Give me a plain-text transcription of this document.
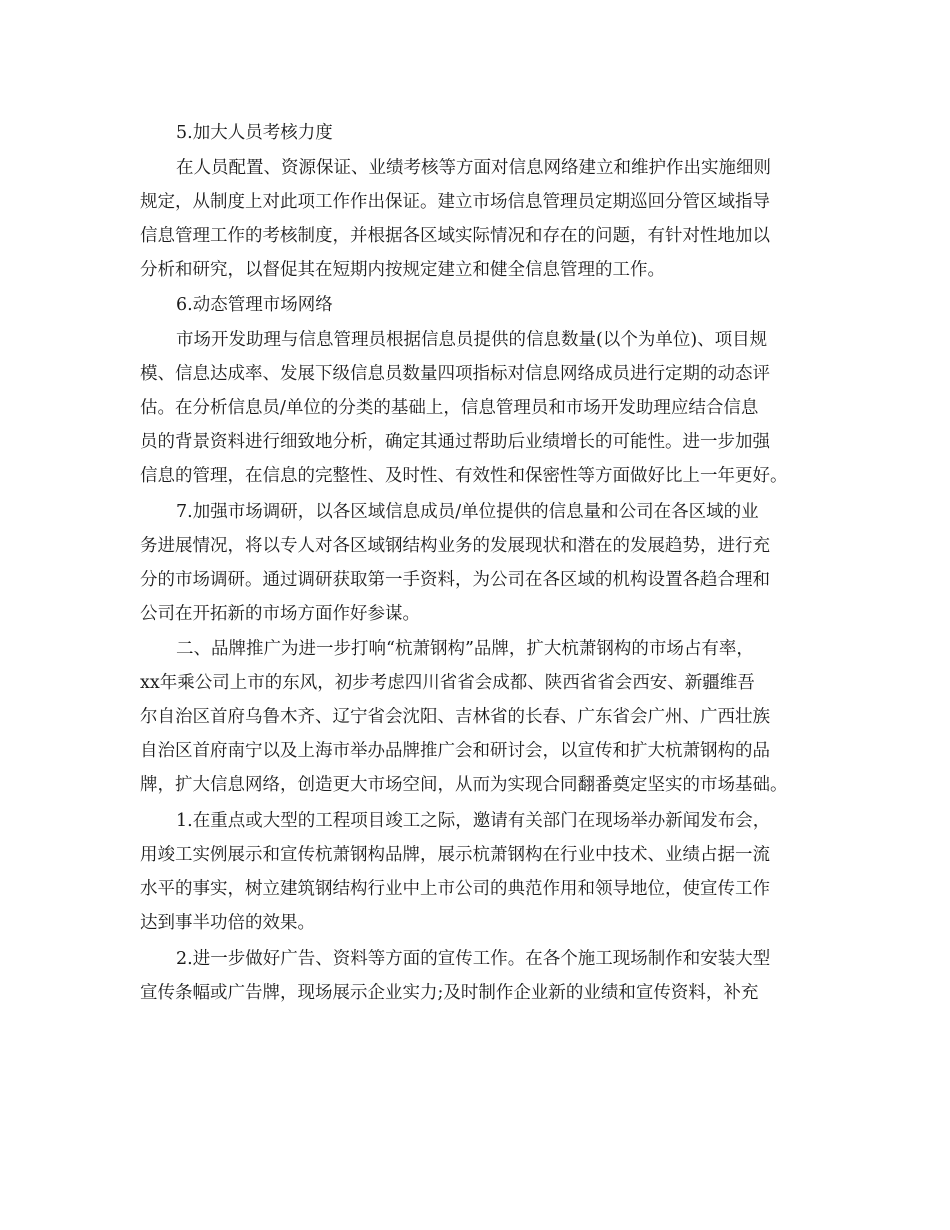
5.加大人员考核力度
在人员配置、资源保证、业绩考核等方面对信息网络建立和维护作出实施细则
规定，从制度上对此项工作作出保证。建立市场信息管理员定期巡回分管区域指导
信息管理工作的考核制度，并根据各区域实际情况和存在的问题，有针对性地加以
分析和研究，以督促其在短期内按规定建立和健全信息管理的工作。
6.动态管理市场网络
市场开发助理与信息管理员根据信息员提供的信息数量(以个为单位)、项目规
模、信息达成率、发展下级信息员数量四项指标对信息网络成员进行定期的动态评
估。在分析信息员/单位的分类的基础上，信息管理员和市场开发助理应结合信息
员的背景资料进行细致地分析，确定其通过帮助后业绩增长的可能性。进一步加强
信息的管理，在信息的完整性、及时性、有效性和保密性等方面做好比上一年更好。
7.加强市场调研，以各区域信息成员/单位提供的信息量和公司在各区域的业
务进展情况，将以专人对各区域钢结构业务的发展现状和潜在的发展趋势，进行充
分的市场调研。通过调研获取第一手资料，为公司在各区域的机构设置各趋合理和
公司在开拓新的市场方面作好参谋。
二、品牌推广为进一步打响“杭萧钢构”品牌，扩大杭萧钢构的市场占有率，
xx年乘公司上市的东风，初步考虑四川省省会成都、陕西省省会西安、新疆维吾
尔自治区首府乌鲁木齐、辽宁省会沈阳、吉林省的长春、广东省会广州、广西壮族
自治区首府南宁以及上海市举办品牌推广会和研讨会，以宣传和扩大杭萧钢构的品
牌，扩大信息网络，创造更大市场空间，从而为实现合同翻番奠定坚实的市场基础。
1.在重点或大型的工程项目竣工之际，邀请有关部门在现场举办新闻发布会，
用竣工实例展示和宣传杭萧钢构品牌，展示杭萧钢构在行业中技术、业绩占据一流
水平的事实，树立建筑钢结构行业中上市公司的典范作用和领导地位，使宣传工作
达到事半功倍的效果。
2.进一步做好广告、资料等方面的宣传工作。在各个施工现场制作和安装大型
宣传条幅或广告牌，现场展示企业实力;及时制作企业新的业绩和宣传资料，补充
